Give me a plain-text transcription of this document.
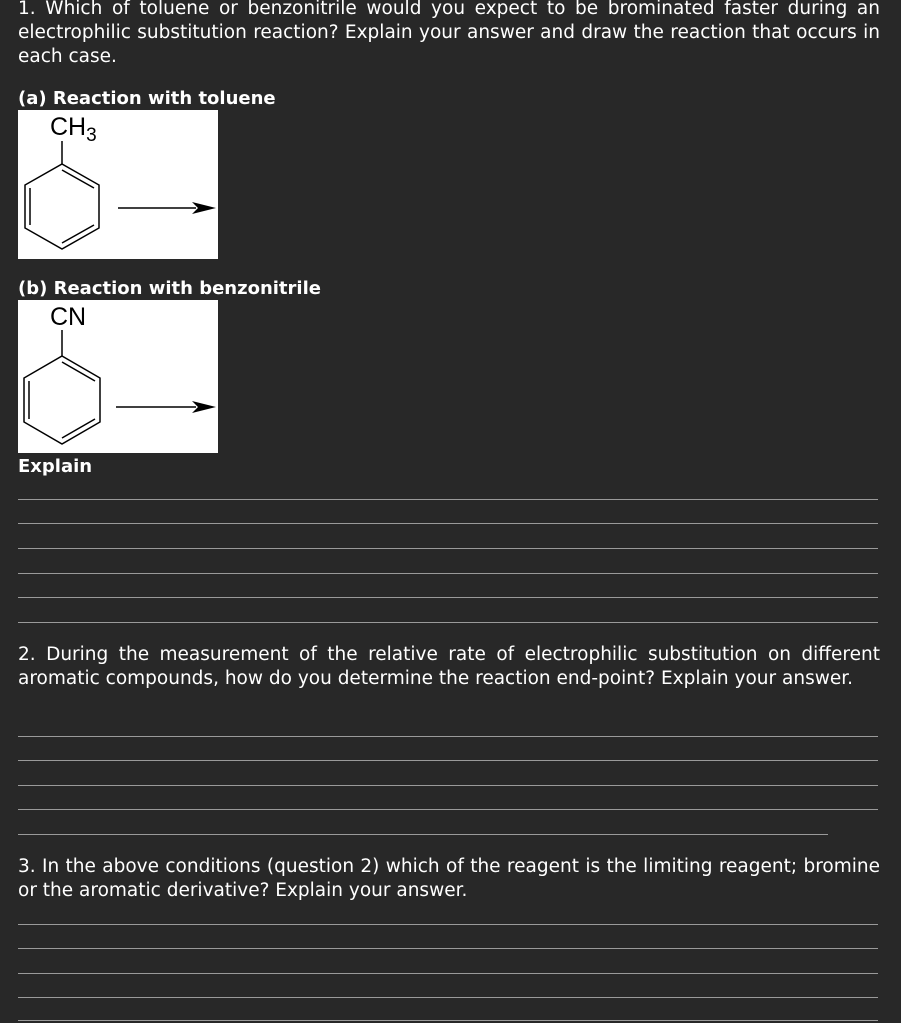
1. Which of toluene or benzonitrile would you expect to be brominated faster during an electrophilic substitution reaction? Explain your answer and draw the reaction that occurs in each case.

(a) Reaction with toluene
$CH_3$
(b) Reaction with benzonitrile
CN
Explain

2. During the measurement of the relative rate of electrophilic substitution on different aromatic compounds, how do you determine the reaction end-point? Explain your answer.

3. In the above conditions (question 2) which of the reagent is the limiting reagent; bromine or the aromatic derivative? Explain your answer.
